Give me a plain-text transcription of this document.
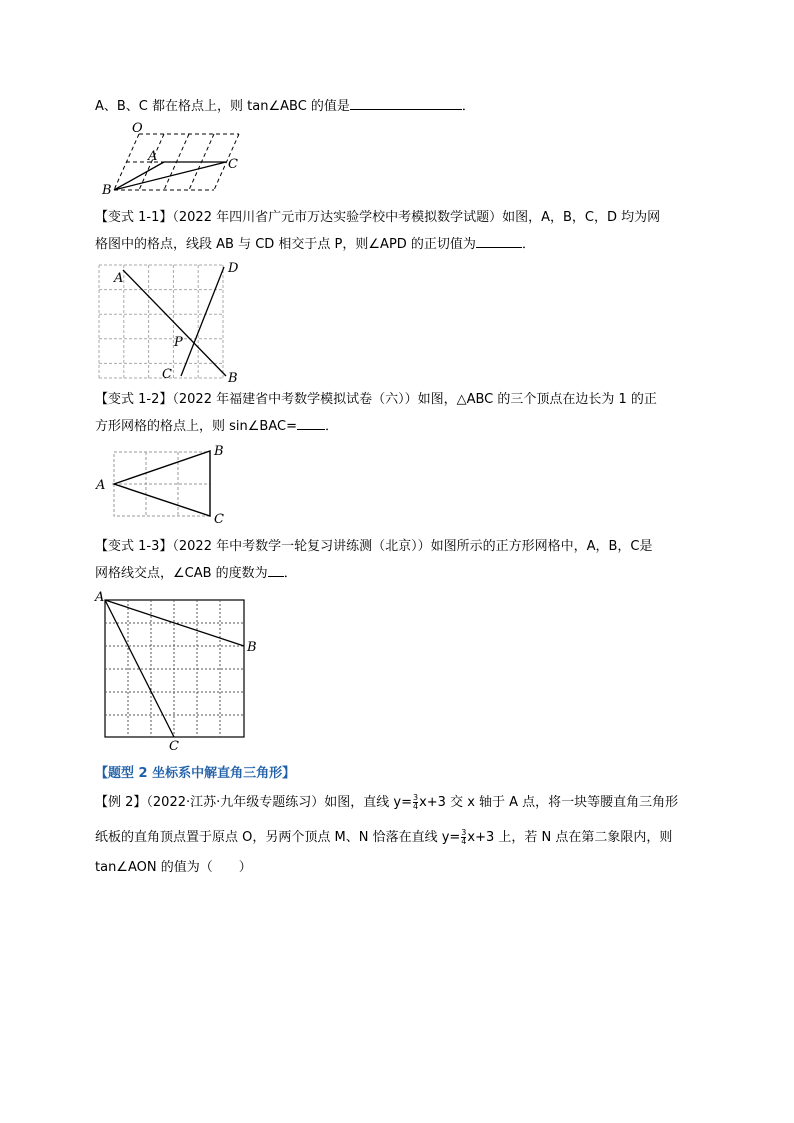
A、B、C 都在格点上，则 tan∠ABC 的值是	．
O
A
B
C
【变式 1-1】（2022 年四川省广元市万达实验学校中考模拟数学试题）如图，A，B，C，D 均为网
格图中的格点，线段 AB 与 CD 相交于点 P，则∠APD 的正切值为	．
A
B
C
D
P
【变式 1-2】（2022 年福建省中考数学模拟试卷（六））如图，△ABC 的三个顶点在边长为 1 的正
方形网格的格点上，则 sin∠BAC= ．
A
B
C
【变式 1-3】（2022 年中考数学一轮复习讲练测（北京））如图所示的正方形网格中，A，B，C是
网格线交点，∠CAB 的度数为 ．
A
B
C
【题型 2 坐标系中解直角三角形】
【例 2】（2022·江苏·九年级专题练习）如图，直线 $y= \frac{3}{4} x+3$ 交 x 轴于 A 点，将一块等腰直角三角形
纸板的直角顶点置于原点 O，另两个顶点 M、N 恰落在直线 $y= \frac{3}{4} x+3$ 上，若 N 点在第二象限内，则
tan∠AON 的值为（　　）
